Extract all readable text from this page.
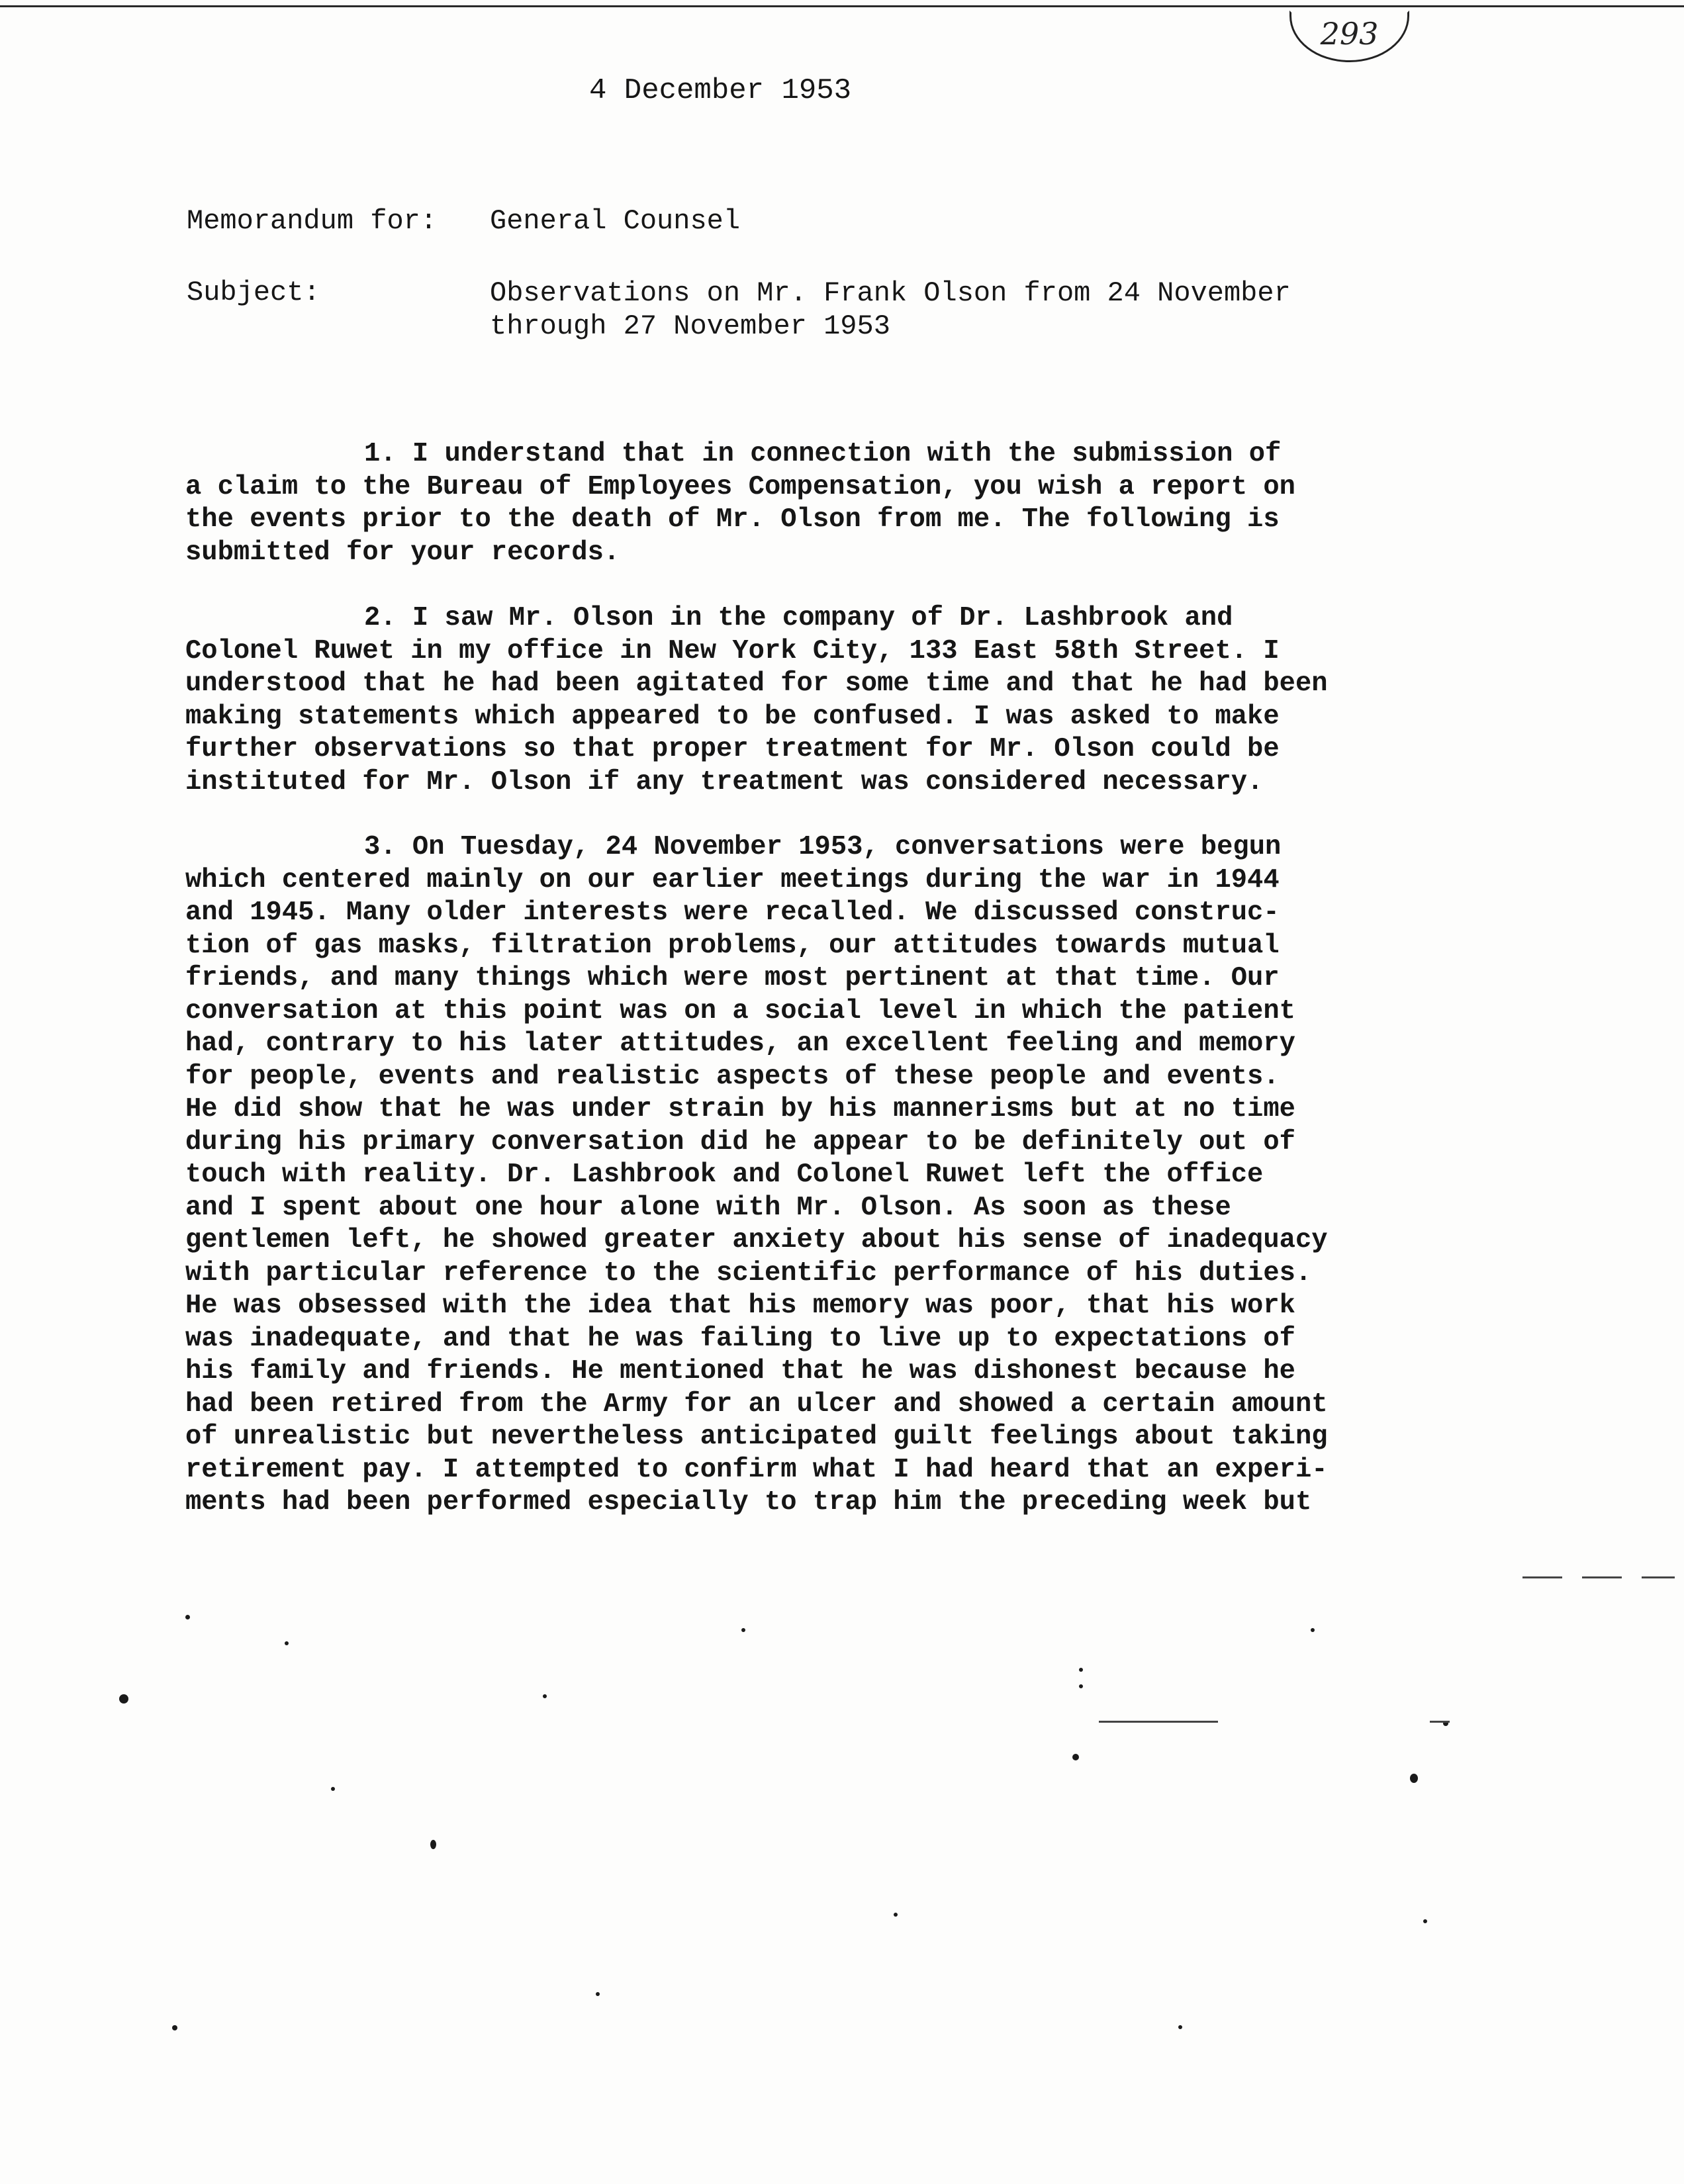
293
4 December 1953
Memorandum for: General Counsel
Subject:	Observations on Mr. Frank Olson from 24 November
through 27 November 1953
1. I understand that in connection with the submission of
a claim to the Bureau of Employees Compensation, you wish a report on
the events prior to the death of Mr. Olson from me. The following is
submitted for your records.
2. I saw Mr. Olson in the company of Dr. Lashbrook and
Colonel Ruwet in my office in New York City, 133 East 58th Street. I
understood that he had been agitated for some time and that he had been
making statements which appeared to be confused. I was asked to make
further observations so that proper treatment for Mr. Olson could be
instituted for Mr. Olson if any treatment was considered necessary.
3. On Tuesday, 24 November 1953, conversations were begun
which centered mainly on our earlier meetings during the war in 1944
and 1945. Many older interests were recalled. We discussed construc-
tion of gas masks, filtration problems, our attitudes towards mutual
friends, and many things which were most pertinent at that time. Our
conversation at this point was on a social level in which the patient
had, contrary to his later attitudes, an excellent feeling and memory
for people, events and realistic aspects of these people and events.
He did show that he was under strain by his mannerisms but at no time
during his primary conversation did he appear to be definitely out of
touch with reality. Dr. Lashbrook and Colonel Ruwet left the office
and I spent about one hour alone with Mr. Olson. As soon as these
gentlemen left, he showed greater anxiety about his sense of inadequacy
with particular reference to the scientific performance of his duties.
He was obsessed with the idea that his memory was poor, that his work
was inadequate, and that he was failing to live up to expectations of
his family and friends. He mentioned that he was dishonest because he
had been retired from the Army for an ulcer and showed a certain amount
of unrealistic but nevertheless anticipated guilt feelings about taking
retirement pay. I attempted to confirm what I had heard that an experi-
ments had been performed especially to trap him the preceding week but
